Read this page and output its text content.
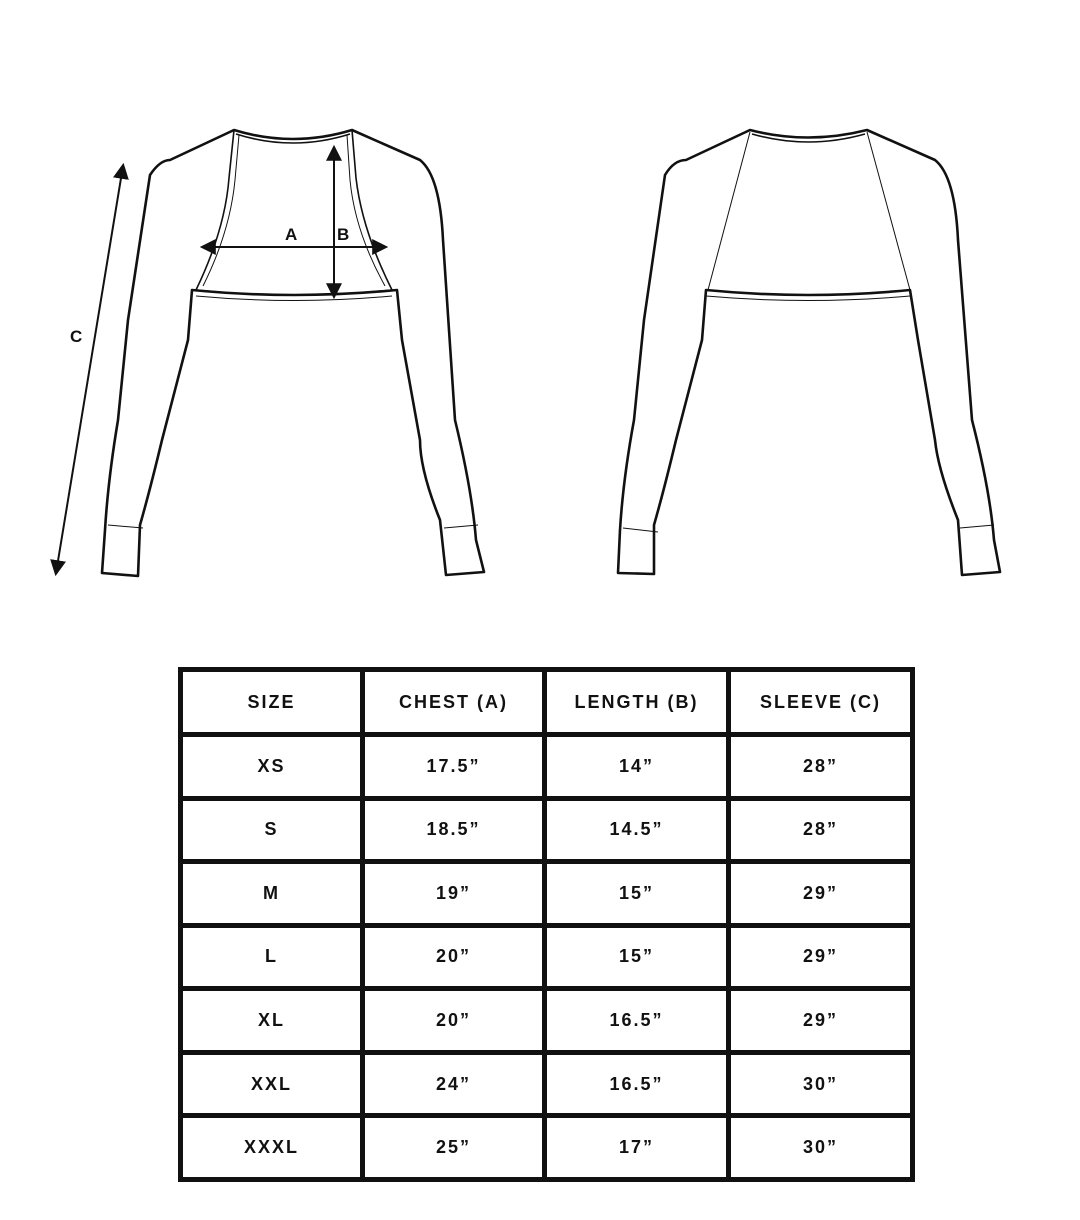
A B
C
SIZE	CHEST (A)	LENGTH (B)	SLEEVE (C)
XS	17.5”	14”	28”
S	18.5”	14.5”	28”
M	19”	15”	29”
L	20”	15”	29”
XL	20”	16.5”	29”
XXL	24”	16.5”	30”
XXXL	25”	17”	30”
